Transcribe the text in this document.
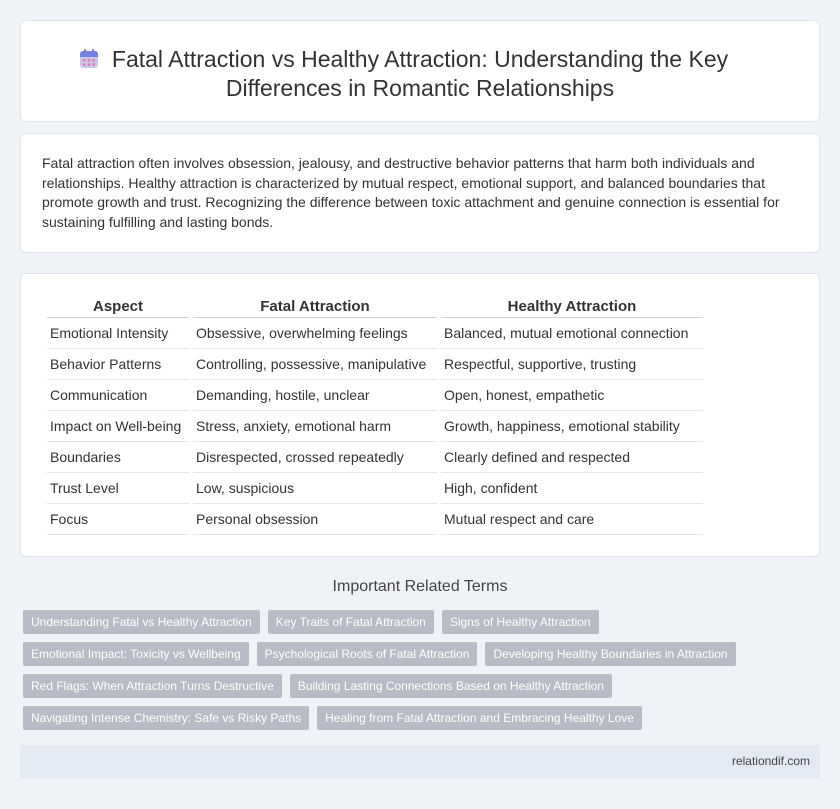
Fatal Attraction vs Healthy Attraction: Understanding the Key Differences in Romantic Relationships

Fatal attraction often involves obsession, jealousy, and destructive behavior patterns that harm both individuals and relationships. Healthy attraction is characterized by mutual respect, emotional support, and balanced boundaries that promote growth and trust. Recognizing the difference between toxic attachment and genuine connection is essential for sustaining fulfilling and lasting bonds.

Aspect	Fatal Attraction	Healthy Attraction
Emotional Intensity	Obsessive, overwhelming feelings	Balanced, mutual emotional connection
Behavior Patterns	Controlling, possessive, manipulative	Respectful, supportive, trusting
Communication	Demanding, hostile, unclear	Open, honest, empathetic
Impact on Well-being	Stress, anxiety, emotional harm	Growth, happiness, emotional stability
Boundaries	Disrespected, crossed repeatedly	Clearly defined and respected
Trust Level	Low, suspicious	High, confident
Focus	Personal obsession	Mutual respect and care
Important Related Terms
Understanding Fatal vs Healthy Attraction	Key Traits of Fatal Attraction	Signs of Healthy Attraction
Emotional Impact: Toxicity vs Wellbeing	Psychological Roots of Fatal Attraction	Developing Healthy Boundaries in Attraction
Red Flags: When Attraction Turns Destructive	Building Lasting Connections Based on Healthy Attraction
Navigating Intense Chemistry: Safe vs Risky Paths	Healing from Fatal Attraction and Embracing Healthy Love
relationdif.com
